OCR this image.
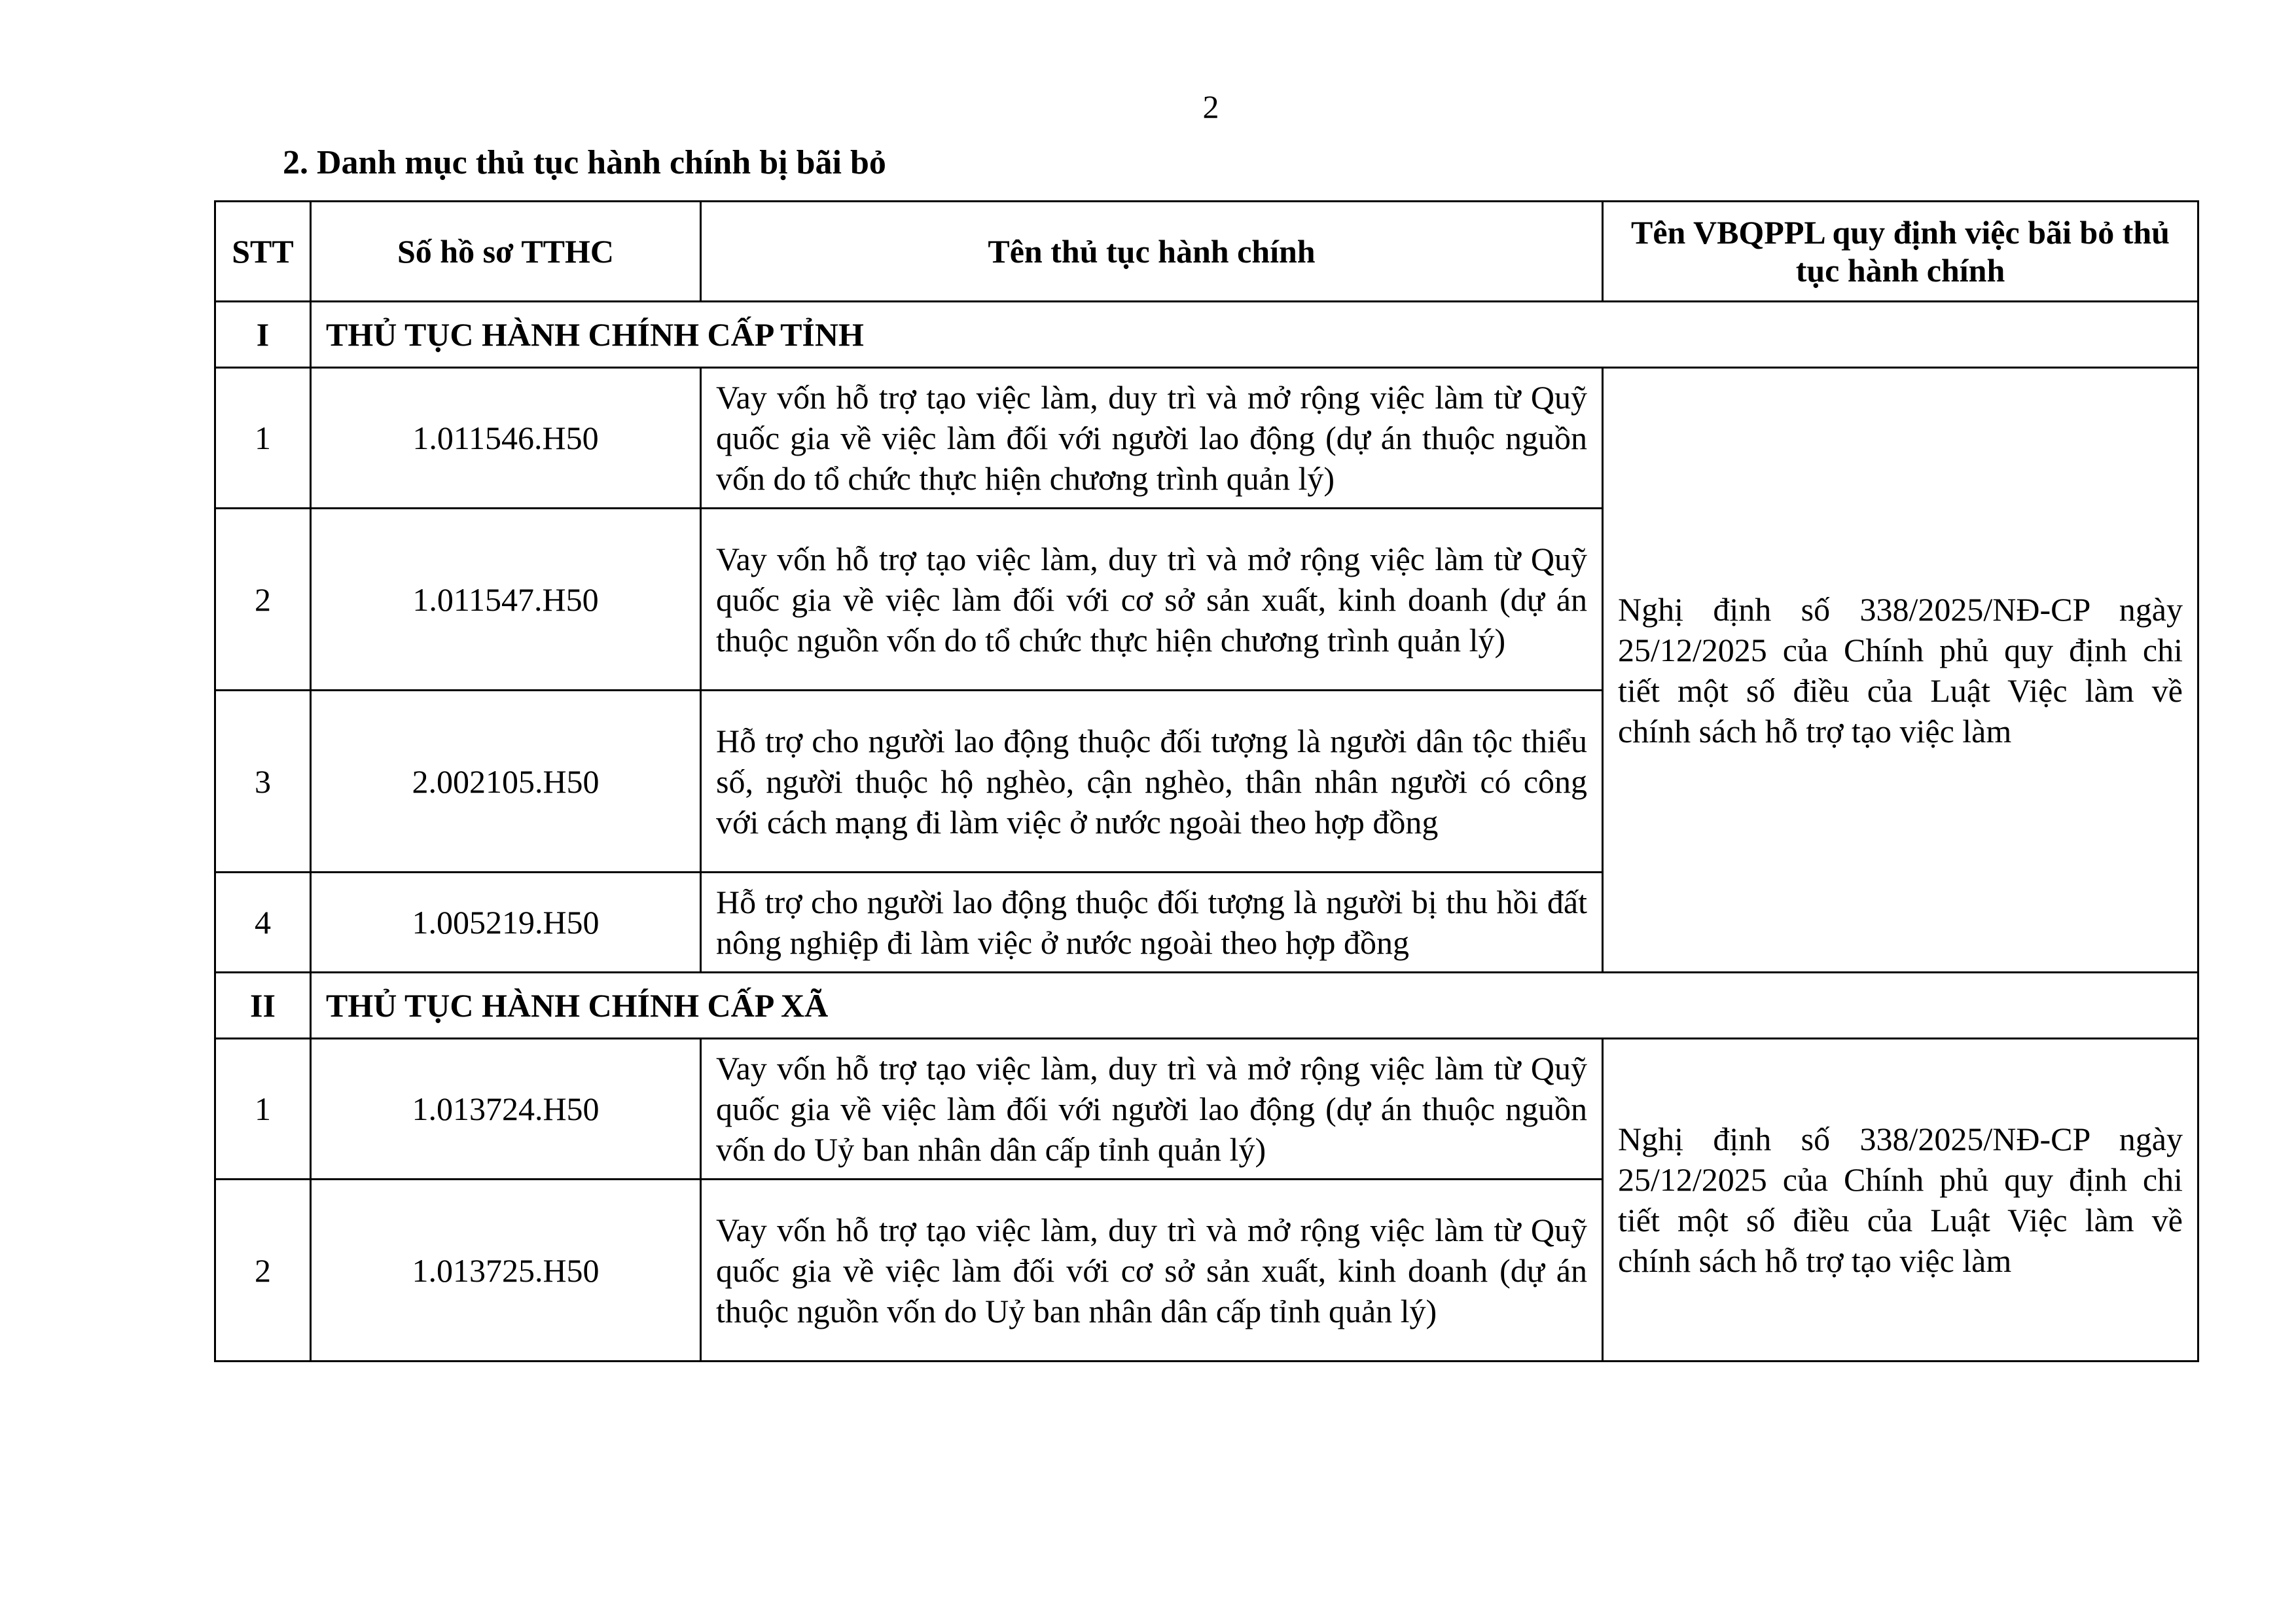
2
2. Danh mục thủ tục hành chính bị bãi bỏ
STT	Số hồ sơ TTHC	Tên thủ tục hành chính	Tên VBQPPL quy định việc bãi bỏ thủ tục hành chính
I	THỦ TỤC HÀNH CHÍNH CẤP TỈNH		
1	1.011546.H50	Vay vốn hỗ trợ tạo việc làm, duy trì và mở rộng việc làm từ Quỹ quốc gia về việc làm đối với người lao động (dự án thuộc nguồn vốn do tổ chức thực hiện chương trình quản lý)	Nghị định số 338/2025/NĐ-CP ngày 25/12/2025 của Chính phủ quy định chi tiết một số điều của Luật Việc làm về chính sách hỗ trợ tạo việc làm
2	1.011547.H50	Vay vốn hỗ trợ tạo việc làm, duy trì và mở rộng việc làm từ Quỹ quốc gia về việc làm đối với cơ sở sản xuất, kinh doanh (dự án thuộc nguồn vốn do tổ chức thực hiện chương trình quản lý)	
3	2.002105.H50	Hỗ trợ cho người lao động thuộc đối tượng là người dân tộc thiểu số, người thuộc hộ nghèo, cận nghèo, thân nhân người có công với cách mạng đi làm việc ở nước ngoài theo hợp đồng	
4	1.005219.H50	Hỗ trợ cho người lao động thuộc đối tượng là người bị thu hồi đất nông nghiệp đi làm việc ở nước ngoài theo hợp đồng	
II	THỦ TỤC HÀNH CHÍNH CẤP XÃ		
1	1.013724.H50	Vay vốn hỗ trợ tạo việc làm, duy trì và mở rộng việc làm từ Quỹ quốc gia về việc làm đối với người lao động (dự án thuộc nguồn vốn do Uỷ ban nhân dân cấp tỉnh quản lý)	Nghị định số 338/2025/NĐ-CP ngày 25/12/2025 của Chính phủ quy định chi tiết một số điều của Luật Việc làm về chính sách hỗ trợ tạo việc làm
2	1.013725.H50	Vay vốn hỗ trợ tạo việc làm, duy trì và mở rộng việc làm từ Quỹ quốc gia về việc làm đối với cơ sở sản xuất, kinh doanh (dự án thuộc nguồn vốn do Uỷ ban nhân dân cấp tỉnh quản lý)	
